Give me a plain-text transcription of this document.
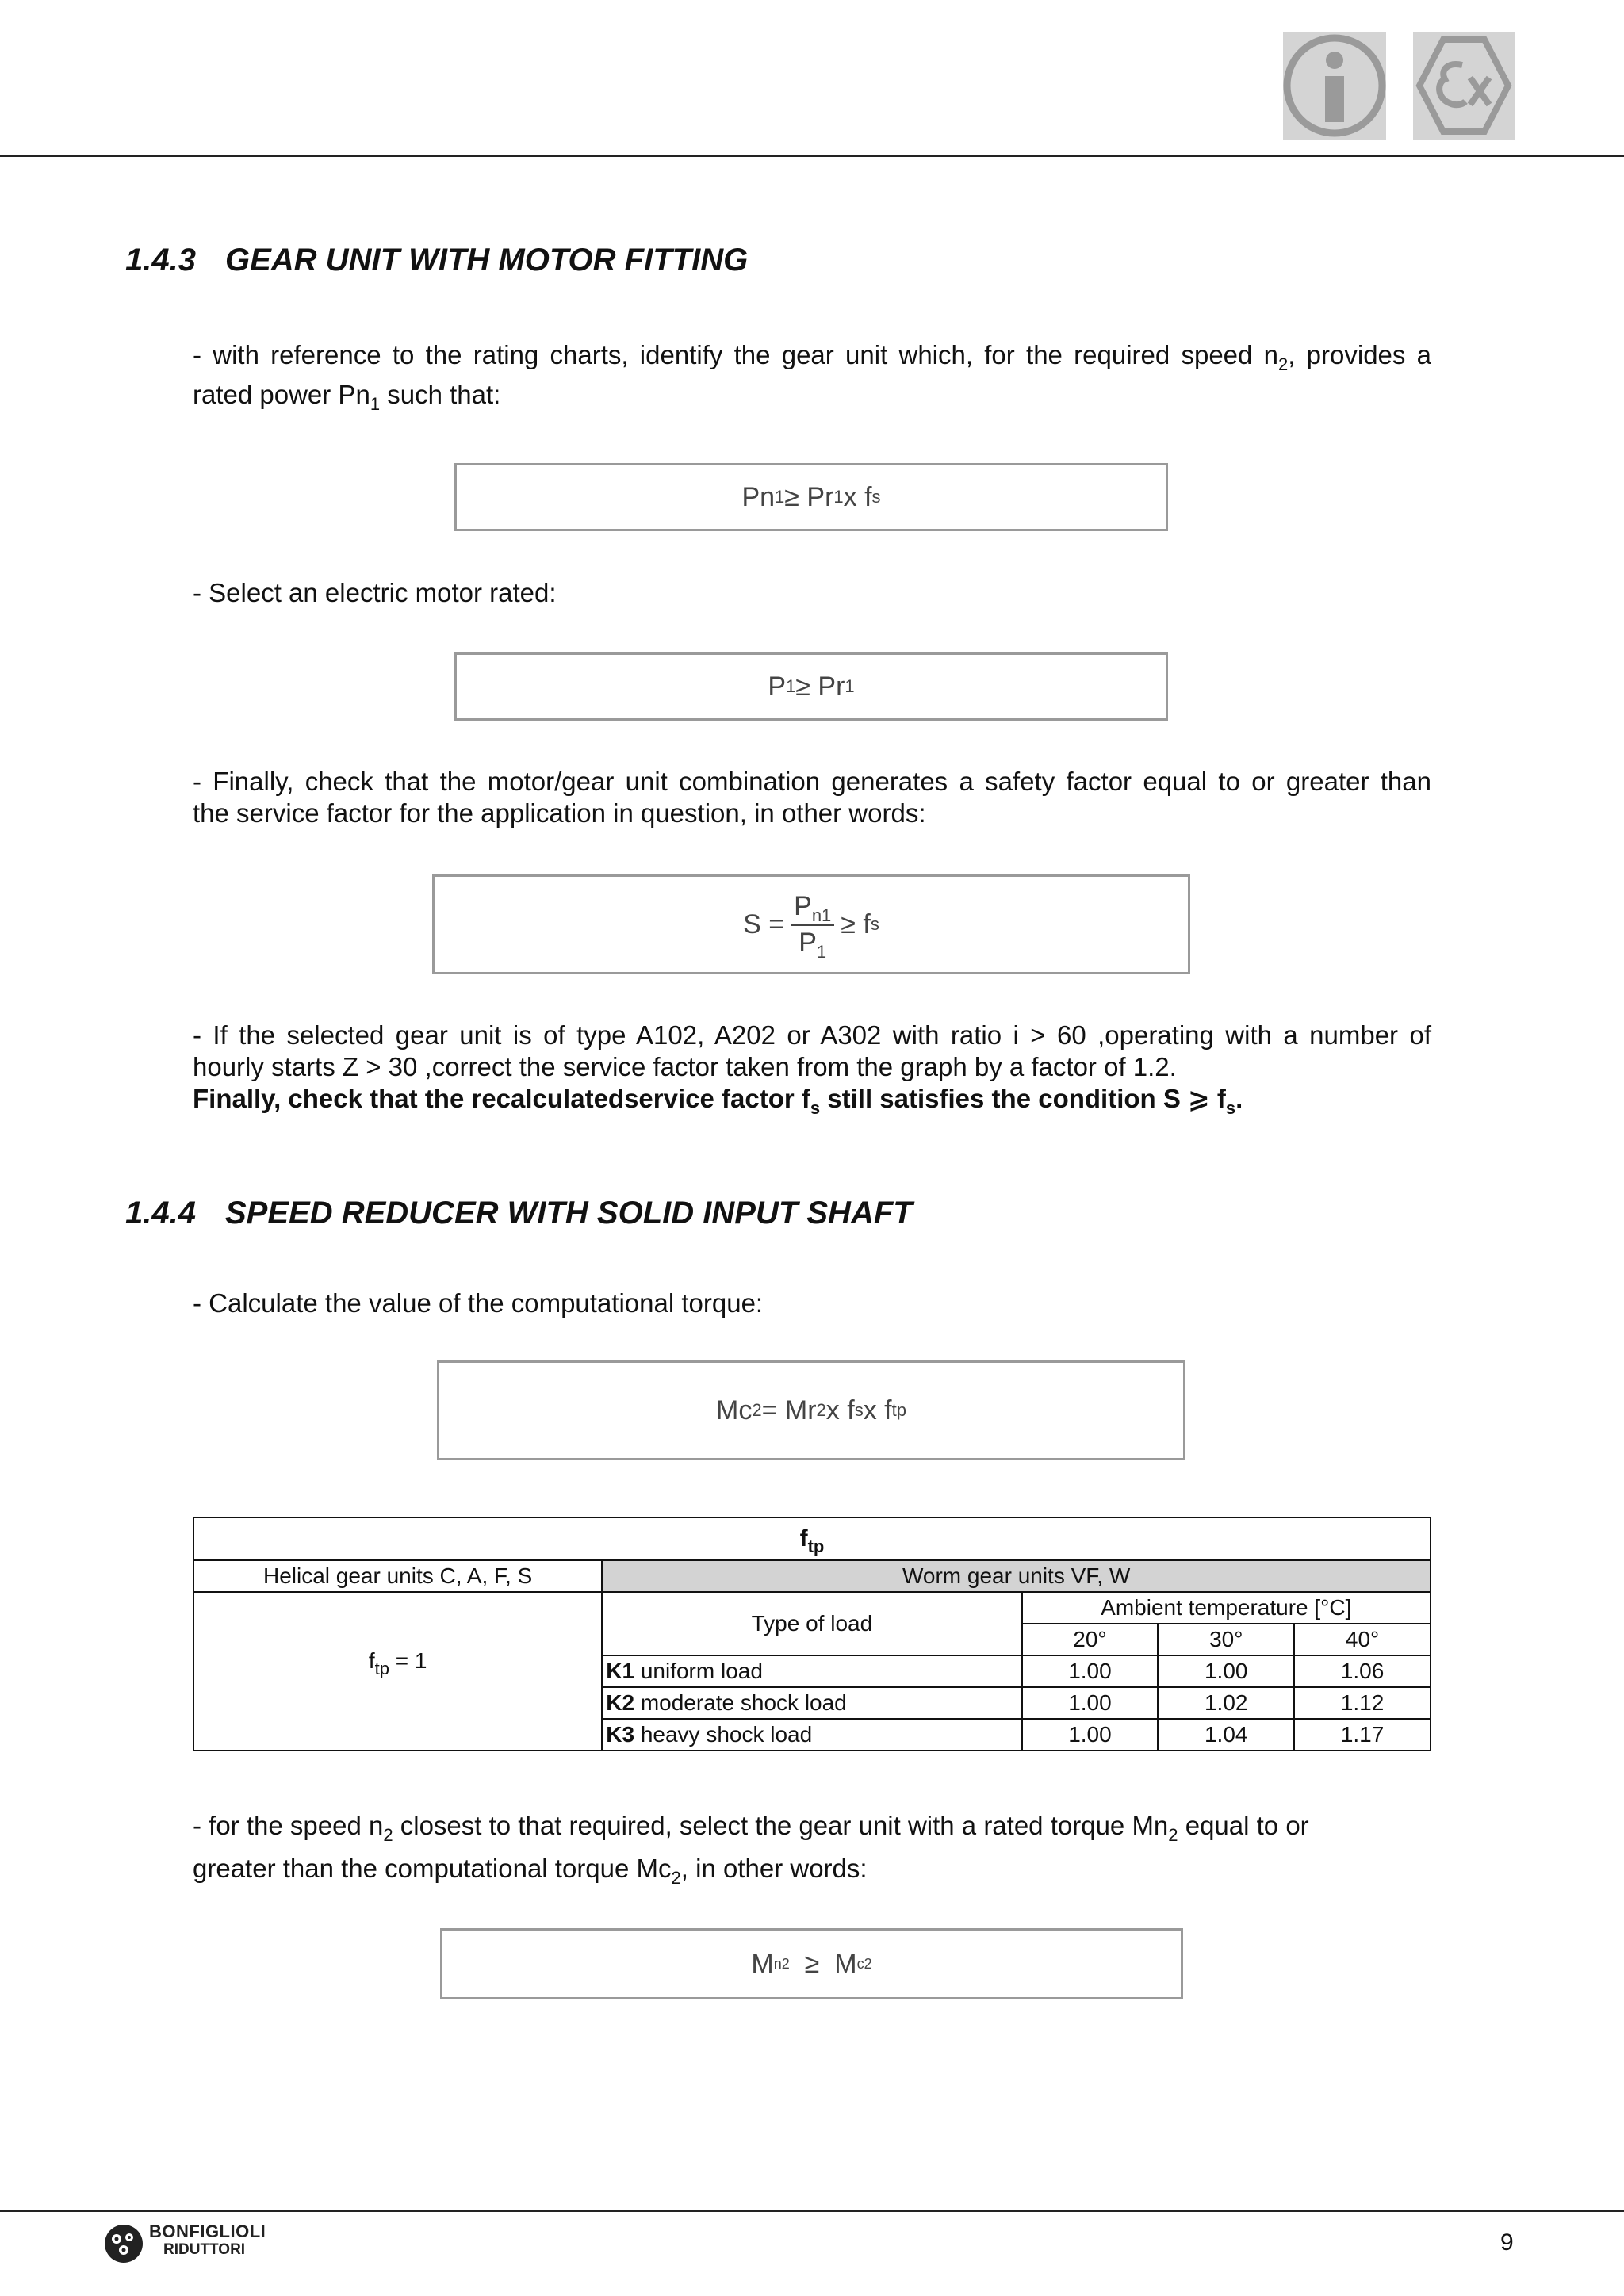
1.4.3 GEAR UNIT WITH MOTOR FITTING
- with reference to the rating charts, identify the gear unit which, for the required speed $n_2$, provides a
rated power $Pn_1$ such that:
Pn 1 ≥ Pr 1 x f s
- Select an electric motor rated:
P 1 ≥ Pr 1
- Finally, check that the motor/gear unit combination generates a safety factor equal to or greater than
the service factor for the application in question, in other words:
$S = \frac{P_{n1}}{P_1} \ge f$ s
- If the selected gear unit is of type A102, A202 or A302 with ratio i > 60 ,operating with a number of
hourly starts Z > 30 ,correct the service factor taken from the graph by a factor of 1.2.
Finally, check that the recalculatedservice factor $f_s$ still satisfies the condition S ⩾ $f_s$.
1.4.4 SPEED REDUCER WITH SOLID INPUT SHAFT
- Calculate the value of the computational torque:
Mc 2 = Mr 2 x f s x f tp
$f_{tp}$
Helical gear units C, A, F, S	Worm gear units VF, W			
$f_{tp} = 1$	Type of load	Ambient temperature [°C]		
		20°	30°	40°
	K1 uniform load	1.00	1.00	1.06
	K2 moderate shock load	1.00	1.02	1.12
	K3 heavy shock load	1.00	1.04	1.17
- for the speed $n_2$ closest to that required, select the gear unit with a rated torque $Mn_2$ equal to or
greater than the computational torque $Mc_2$, in other words:
M n2 ≥  M c2
BONFIGLIOLI
RIDUTTORI	9
